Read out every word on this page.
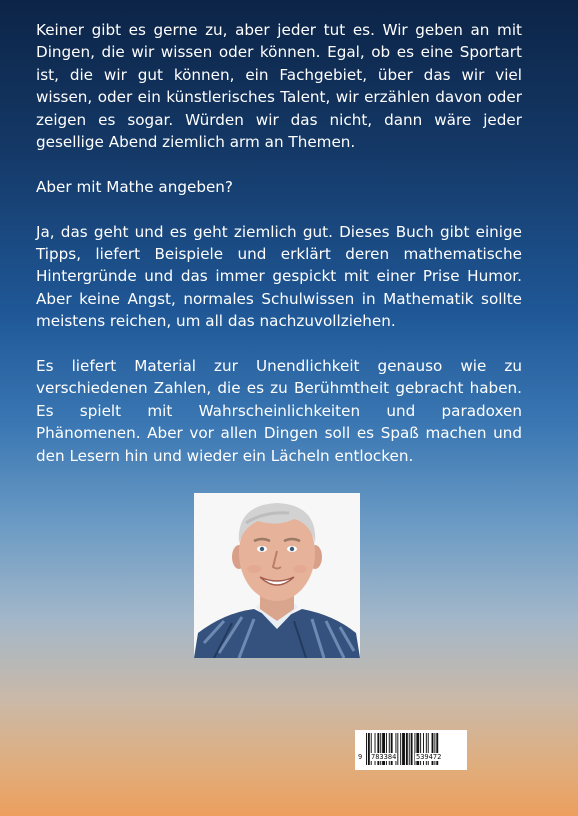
Keiner gibt es gerne zu, aber jeder tut es. Wir geben an mit Dingen, die wir wissen oder können. Egal, ob es eine Sportart ist, die wir gut können, ein Fachgebiet, über das wir viel wissen, oder ein künstlerisches Talent, wir erzählen davon oder zeigen es sogar. Würden wir das nicht, dann wäre jeder gesellige Abend ziemlich arm an Themen.

Aber mit Mathe angeben?

Ja, das geht und es geht ziemlich gut. Dieses Buch gibt einige Tipps, liefert Beispiele und erklärt deren mathematische Hintergründe und das immer gespickt mit einer Prise Humor. Aber keine Angst, normales Schulwissen in Mathematik sollte meistens reichen, um all das nachzuvollziehen.

Es liefert Material zur Unendlichkeit genauso wie zu verschiedenen Zahlen, die es zu Berühmtheit gebracht haben. Es spielt mit Wahrscheinlichkeiten und paradoxen Phänomenen. Aber vor allen Dingen soll es Spaß machen und den Lesern hin und wieder ein Lächeln entlocken.

9 783384	539472
